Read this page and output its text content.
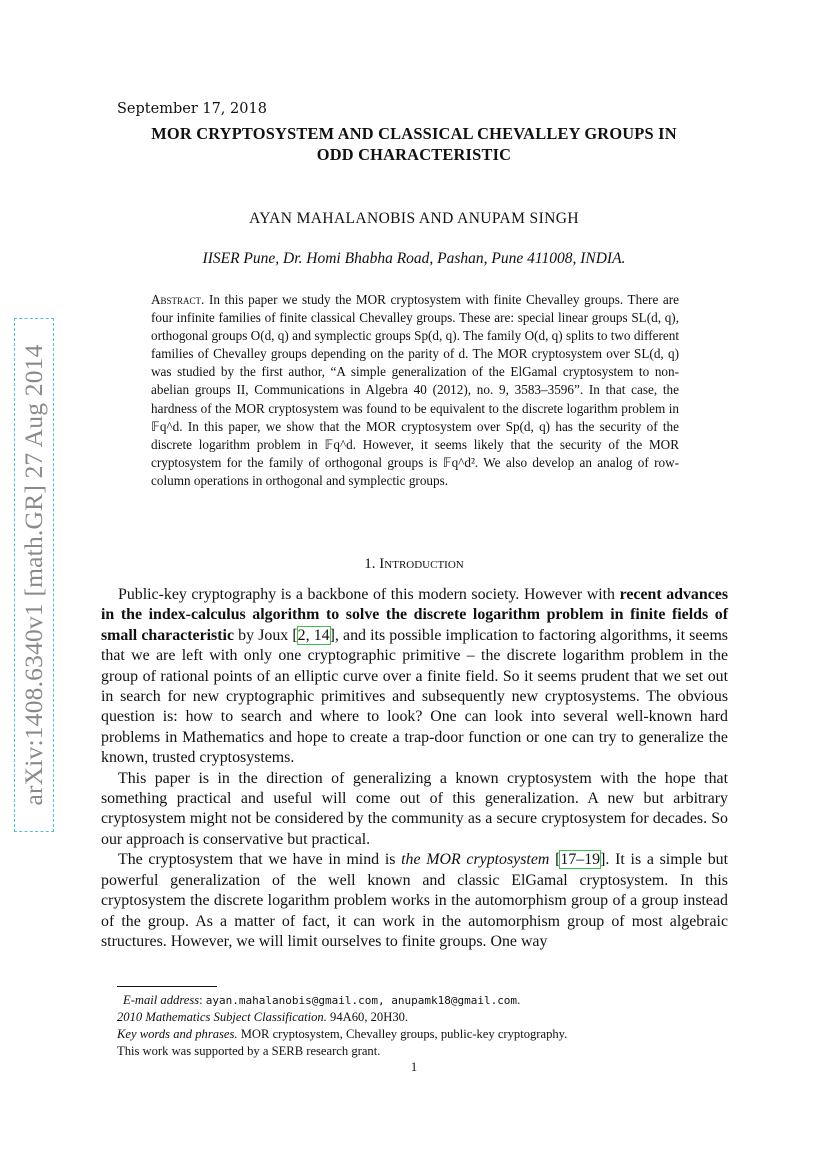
arXiv:1408.6340v1 [math.GR] 27 Aug 2014
September 17, 2018
MOR CRYPTOSYSTEM AND CLASSICAL CHEVALLEY GROUPS IN
ODD CHARACTERISTIC
AYAN MAHALANOBIS AND ANUPAM SINGH
IISER Pune, Dr. Homi Bhabha Road, Pashan, Pune 411008, INDIA.
Abstract. In this paper we study the MOR cryptosystem with finite Chevalley groups. There are four infinite families of finite classical Chevalley groups. These are: special linear groups SL(d, q), orthogonal groups O(d, q) and symplectic groups Sp(d, q). The family O(d, q) splits to two different families of Chevalley groups depending on the parity of d. The MOR cryptosystem over SL(d, q) was studied by the first author, “A simple generalization of the ElGamal cryptosystem to non-abelian groups II, Communications in Algebra 40 (2012), no. 9, 3583–3596”. In that case, the hardness of the MOR cryptosystem was found to be equivalent to the discrete logarithm problem in 𝔽q^d. In this paper, we show that the MOR cryptosystem over Sp(d, q) has the security of the discrete logarithm problem in 𝔽q^d. However, it seems likely that the security of the MOR cryptosystem for the family of orthogonal groups is 𝔽q^d². We also develop an analog of row-column operations in orthogonal and symplectic groups.
1. Introduction

Public-key cryptography is a backbone of this modern society. However with recent advances in the index-calculus algorithm to solve the discrete logarithm problem in finite fields of small characteristic by Joux [2, 14], and its possible implication to factoring algorithms, it seems that we are left with only one cryptographic primitive – the discrete logarithm problem in the group of rational points of an elliptic curve over a finite field. So it seems prudent that we set out in search for new cryptographic primitives and subsequently new cryptosystems. The obvious question is: how to search and where to look? One can look into several well-known hard problems in Mathematics and hope to create a trap-door function or one can try to generalize the known, trusted cryptosystems.

This paper is in the direction of generalizing a known cryptosystem with the hope that something practical and useful will come out of this generalization. A new but arbitrary cryptosystem might not be considered by the community as a secure cryptosystem for decades. So our approach is conservative but practical.

The cryptosystem that we have in mind is the MOR cryptosystem [17–19]. It is a simple but powerful generalization of the well known and classic ElGamal cryptosystem. In this cryptosystem the discrete logarithm problem works in the automorphism group of a group instead of the group. As a matter of fact, it can work in the automorphism group of most algebraic structures. However, we will limit ourselves to finite groups. One way

E-mail address: ayan.mahalanobis@gmail.com, anupamk18@gmail.com.
2010 Mathematics Subject Classification. 94A60, 20H30.
Key words and phrases. MOR cryptosystem, Chevalley groups, public-key cryptography.
This work was supported by a SERB research grant.
1
